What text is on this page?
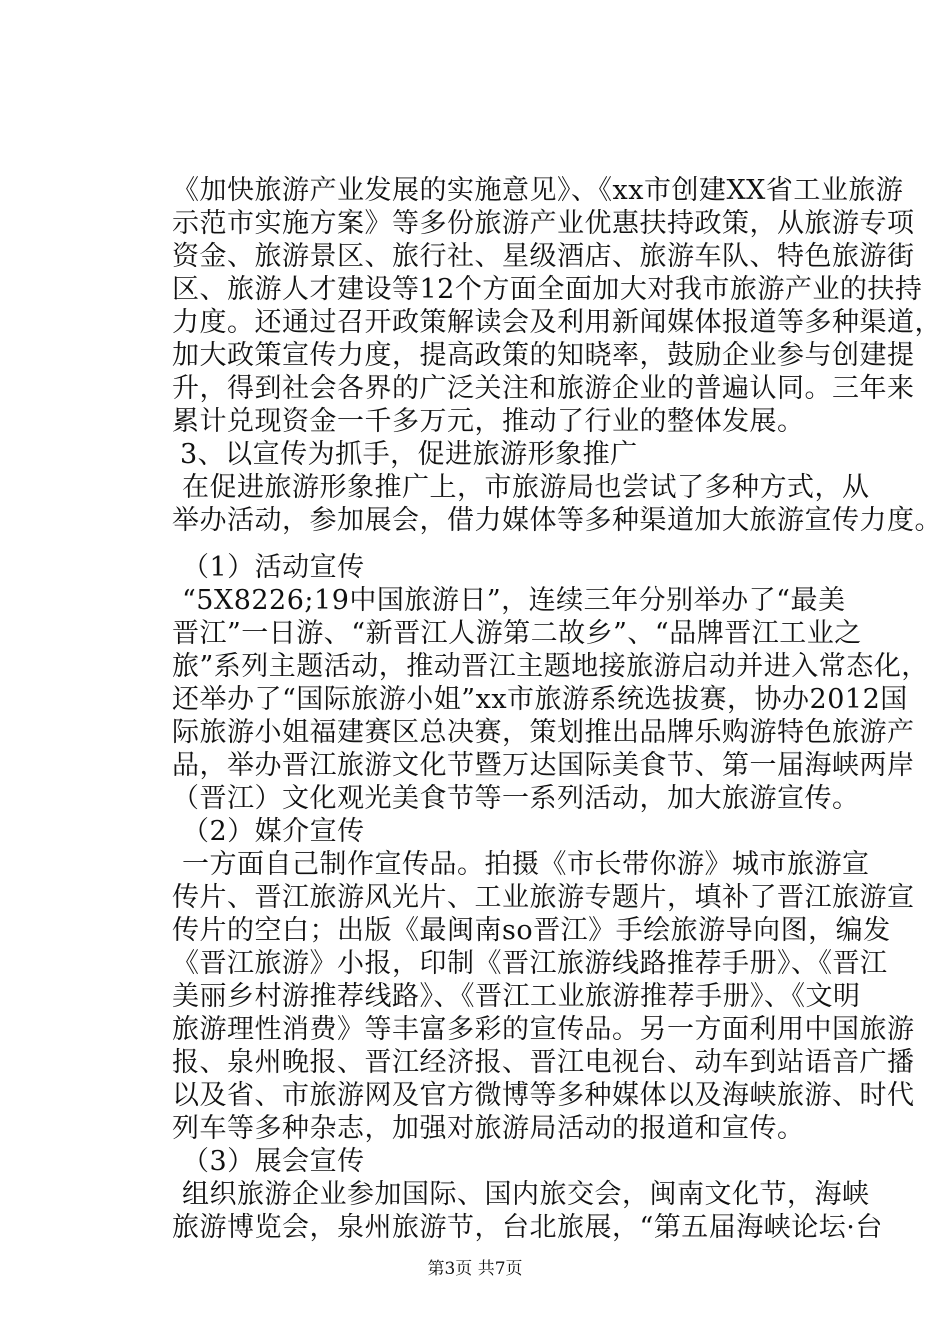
《加快旅游产业发展的实施意见》、《xx市创建XX省工业旅游
示范市实施方案》等多份旅游产业优惠扶持政策，从旅游专项
资金、旅游景区、旅行社、星级酒店、旅游车队、特色旅游街
区、旅游人才建设等12个方面全面加大对我市旅游产业的扶持
力度。还通过召开政策解读会及利用新闻媒体报道等多种渠道，
加大政策宣传力度，提高政策的知晓率，鼓励企业参与创建提
升，得到社会各界的广泛关注和旅游企业的普遍认同。三年来
累计兑现资金一千多万元，推动了行业的整体发展。
3、以宣传为抓手，促进旅游形象推广
在促进旅游形象推广上，市旅游局也尝试了多种方式，从
举办活动，参加展会，借力媒体等多种渠道加大旅游宣传力度。
（1）活动宣传
“5X8226;19中国旅游日”，连续三年分别举办了“最美
晋江”一日游、“新晋江人游第二故乡”、“品牌晋江工业之
旅”系列主题活动，推动晋江主题地接旅游启动并进入常态化，
还举办了“国际旅游小姐”xx市旅游系统选拔赛，协办2012国
际旅游小姐福建赛区总决赛，策划推出品牌乐购游特色旅游产
品，举办晋江旅游文化节暨万达国际美食节、第一届海峡两岸
（晋江）文化观光美食节等一系列活动，加大旅游宣传。
（2）媒介宣传
一方面自己制作宣传品。拍摄《市长带你游》城市旅游宣
传片、晋江旅游风光片、工业旅游专题片，填补了晋江旅游宣
传片的空白；出版《最闽南so晋江》手绘旅游导向图，编发
《晋江旅游》小报，印制《晋江旅游线路推荐手册》、《晋江
美丽乡村游推荐线路》、《晋江工业旅游推荐手册》、《文明
旅游理性消费》等丰富多彩的宣传品。另一方面利用中国旅游
报、泉州晚报、晋江经济报、晋江电视台、动车到站语音广播
以及省、市旅游网及官方微博等多种媒体以及海峡旅游、时代
列车等多种杂志，加强对旅游局活动的报道和宣传。
（3）展会宣传
组织旅游企业参加国际、国内旅交会，闽南文化节，海峡
旅游博览会，泉州旅游节，台北旅展，“第五届海峡论坛·台
第3页 共7页
